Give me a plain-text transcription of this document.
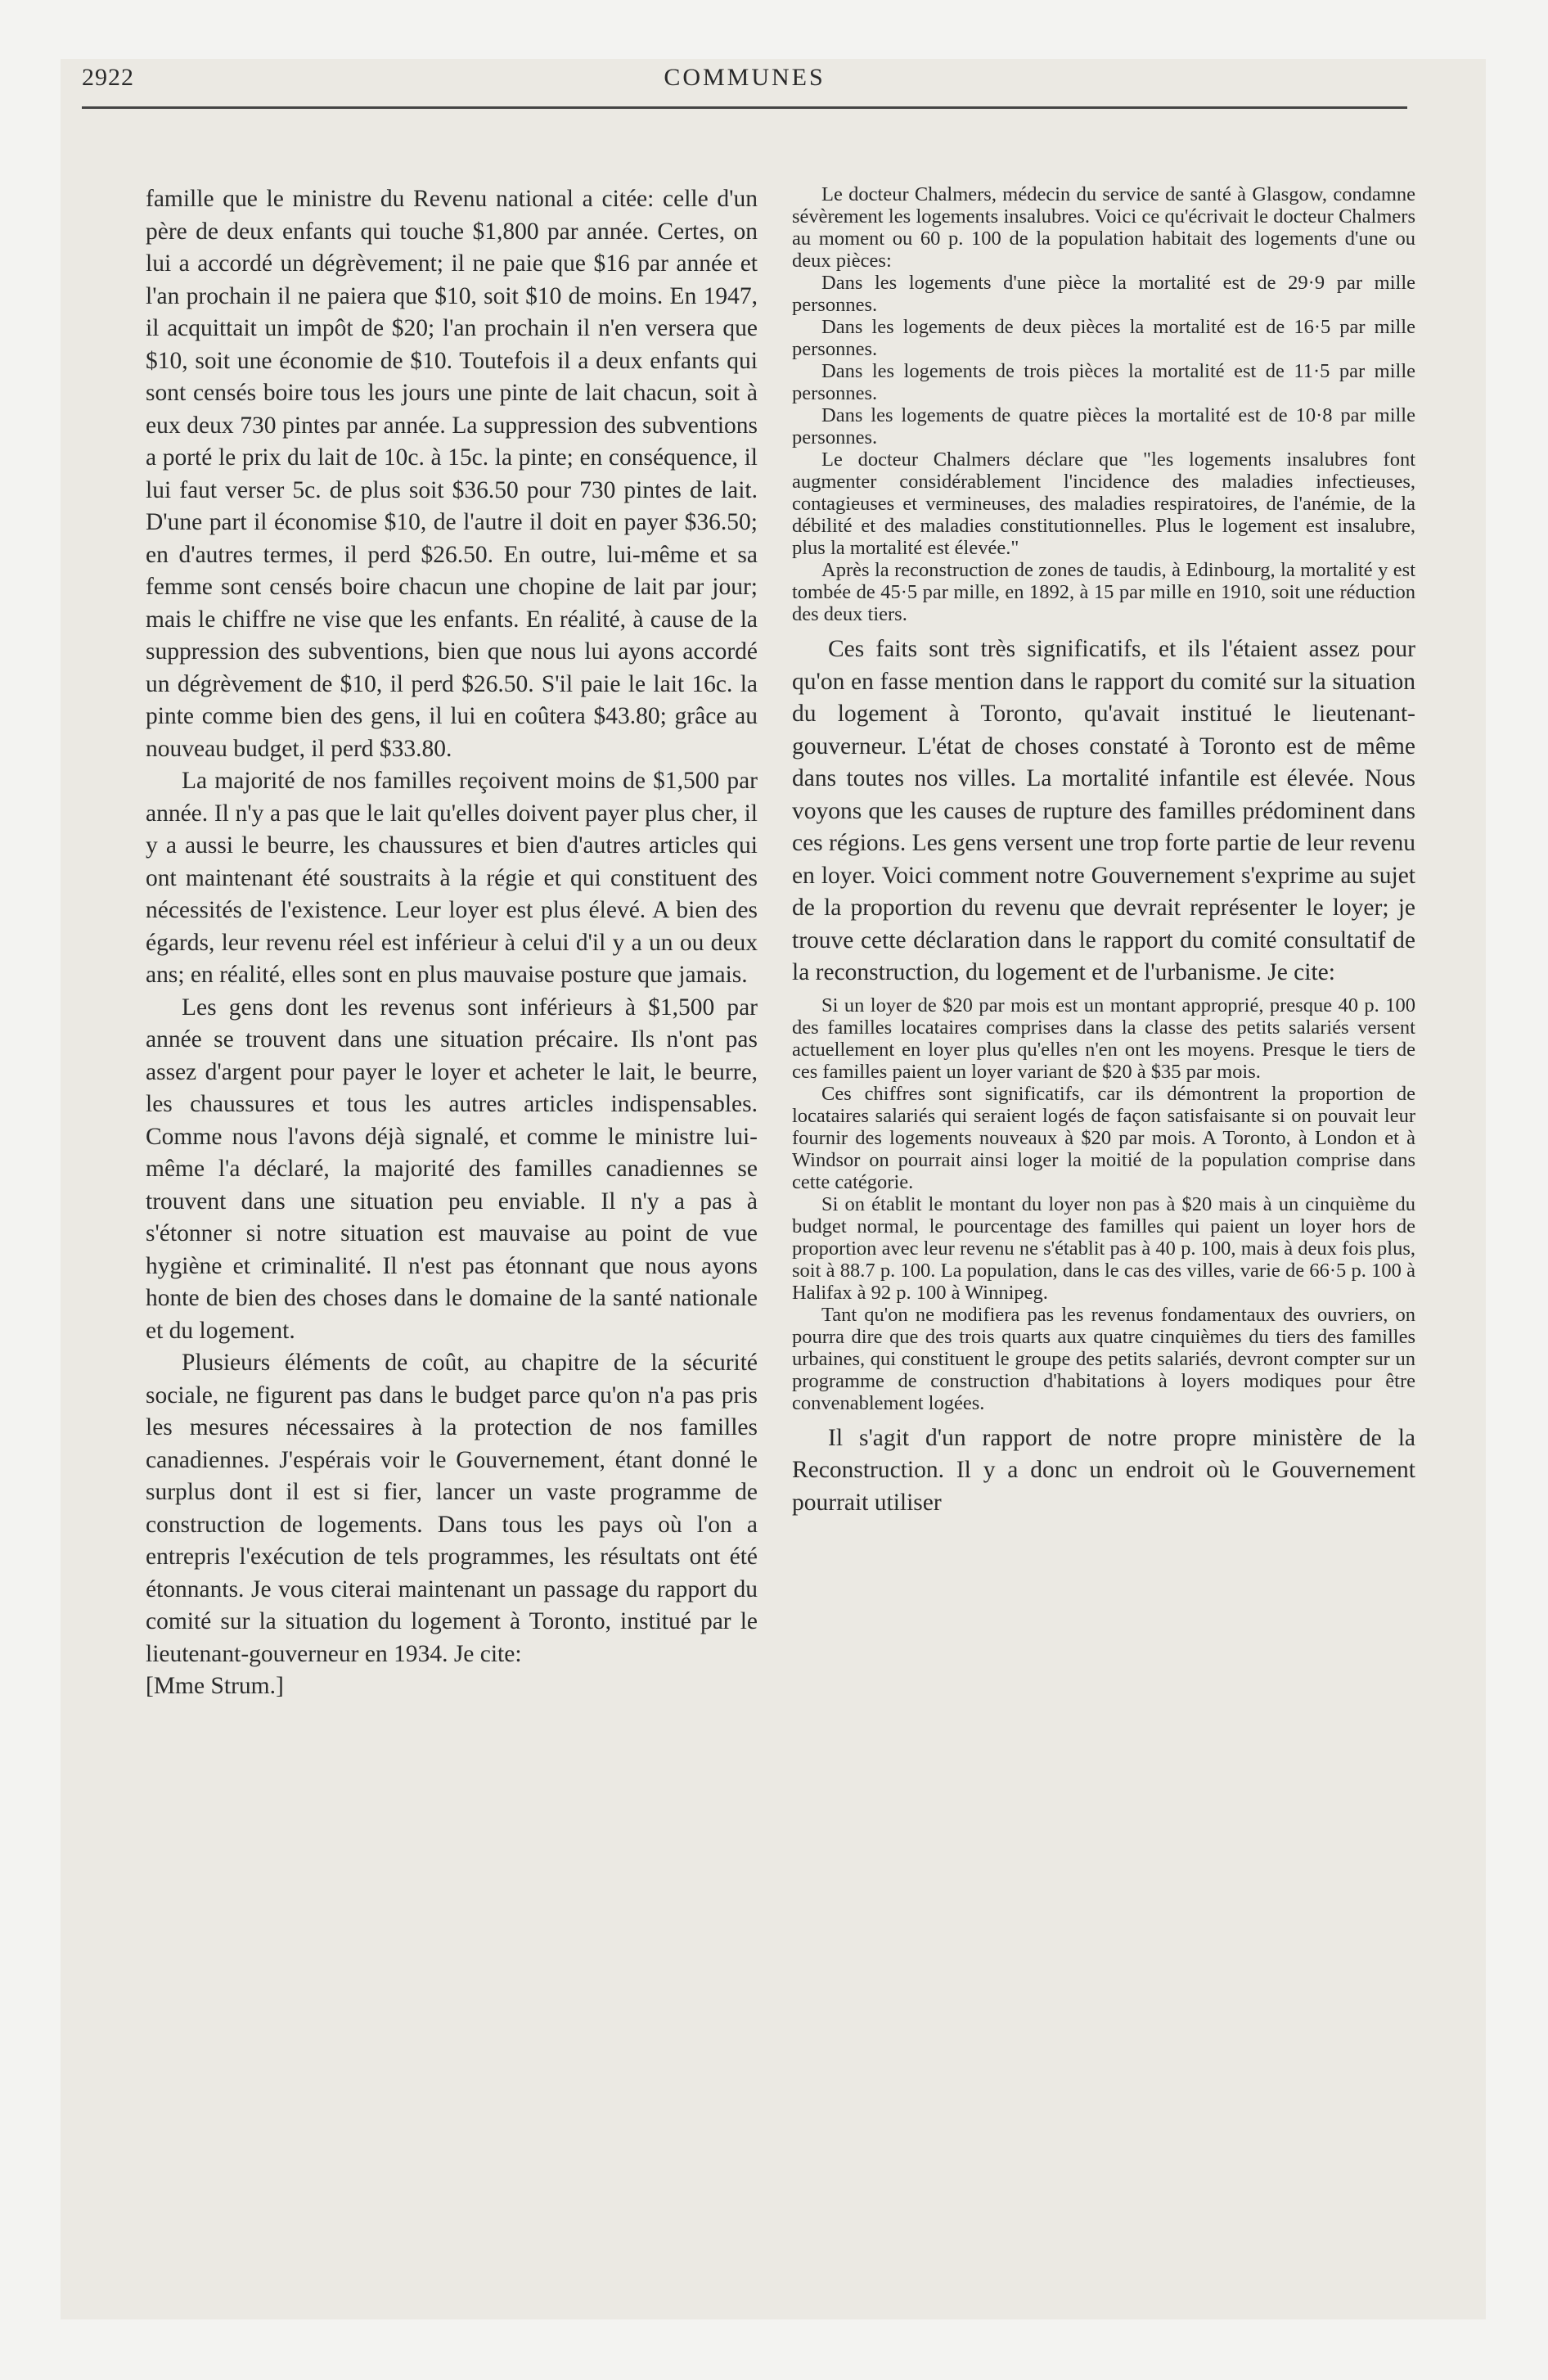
2922	COMMUNES

famille que le ministre du Revenu national a citée: celle d'un père de deux enfants qui touche $1,800 par année. Certes, on lui a accordé un dégrèvement; il ne paie que $16 par année et l'an prochain il ne paiera que $10, soit $10 de moins. En 1947, il acquittait un impôt de $20; l'an prochain il n'en versera que $10, soit une économie de $10. Toutefois il a deux enfants qui sont censés boire tous les jours une pinte de lait chacun, soit à eux deux 730 pintes par année. La suppression des subventions a porté le prix du lait de 10c. à 15c. la pinte; en conséquence, il lui faut verser 5c. de plus soit $36.50 pour 730 pintes de lait. D'une part il économise $10, de l'autre il doit en payer $36.50; en d'autres termes, il perd $26.50. En outre, lui-même et sa femme sont censés boire chacun une chopine de lait par jour; mais le chiffre ne vise que les enfants. En réalité, à cause de la suppression des subventions, bien que nous lui ayons accordé un dégrèvement de $10, il perd $26.50. S'il paie le lait 16c. la pinte comme bien des gens, il lui en coûtera $43.80; grâce au nouveau budget, il perd $33.80.

La majorité de nos familles reçoivent moins de $1,500 par année. Il n'y a pas que le lait qu'elles doivent payer plus cher, il y a aussi le beurre, les chaussures et bien d'autres articles qui ont maintenant été soustraits à la régie et qui constituent des nécessités de l'existence. Leur loyer est plus élevé. A bien des égards, leur revenu réel est inférieur à celui d'il y a un ou deux ans; en réalité, elles sont en plus mauvaise posture que jamais.

Les gens dont les revenus sont inférieurs à $1,500 par année se trouvent dans une situation précaire. Ils n'ont pas assez d'argent pour payer le loyer et acheter le lait, le beurre, les chaussures et tous les autres articles indispensables. Comme nous l'avons déjà signalé, et comme le ministre lui-même l'a déclaré, la majorité des familles canadiennes se trouvent dans une situation peu enviable. Il n'y a pas à s'étonner si notre situation est mauvaise au point de vue hygiène et criminalité. Il n'est pas étonnant que nous ayons honte de bien des choses dans le domaine de la santé nationale et du logement.

Plusieurs éléments de coût, au chapitre de la sécurité sociale, ne figurent pas dans le budget parce qu'on n'a pas pris les mesures nécessaires à la protection de nos familles canadiennes. J'espérais voir le Gouvernement, étant donné le surplus dont il est si fier, lancer un vaste programme de construction de logements. Dans tous les pays où l'on a entrepris l'exécution de tels programmes, les résultats ont été étonnants. Je vous citerai maintenant un passage du rapport du comité sur la situation du logement à Toronto, institué par le lieutenant-gouverneur en 1934. Je cite:

[Mme Strum.]

Le docteur Chalmers, médecin du service de santé à Glasgow, condamne sévèrement les logements insalubres. Voici ce qu'écrivait le docteur Chalmers au moment ou 60 p. 100 de la population habitait des logements d'une ou deux pièces:

Dans les logements d'une pièce la mortalité est de 29·9 par mille personnes.

Dans les logements de deux pièces la mortalité est de 16·5 par mille personnes.

Dans les logements de trois pièces la mortalité est de 11·5 par mille personnes.

Dans les logements de quatre pièces la mortalité est de 10·8 par mille personnes.

Le docteur Chalmers déclare que "les logements insalubres font augmenter considérablement l'incidence des maladies infectieuses, contagieuses et vermineuses, des maladies respiratoires, de l'anémie, de la débilité et des maladies constitutionnelles. Plus le logement est insalubre, plus la mortalité est élevée."

Après la reconstruction de zones de taudis, à Edinbourg, la mortalité y est tombée de 45·5 par mille, en 1892, à 15 par mille en 1910, soit une réduction des deux tiers.

Ces faits sont très significatifs, et ils l'étaient assez pour qu'on en fasse mention dans le rapport du comité sur la situation du logement à Toronto, qu'avait institué le lieutenant-gouverneur. L'état de choses constaté à Toronto est de même dans toutes nos villes. La mortalité infantile est élevée. Nous voyons que les causes de rupture des familles prédominent dans ces régions. Les gens versent une trop forte partie de leur revenu en loyer. Voici comment notre Gouvernement s'exprime au sujet de la proportion du revenu que devrait représenter le loyer; je trouve cette déclaration dans le rapport du comité consultatif de la reconstruction, du logement et de l'urbanisme. Je cite:

Si un loyer de $20 par mois est un montant approprié, presque 40 p. 100 des familles locataires comprises dans la classe des petits salariés versent actuellement en loyer plus qu'elles n'en ont les moyens. Presque le tiers de ces familles paient un loyer variant de $20 à $35 par mois.

Ces chiffres sont significatifs, car ils démontrent la proportion de locataires salariés qui seraient logés de façon satisfaisante si on pouvait leur fournir des logements nouveaux à $20 par mois. A Toronto, à London et à Windsor on pourrait ainsi loger la moitié de la population comprise dans cette catégorie.

Si on établit le montant du loyer non pas à $20 mais à un cinquième du budget normal, le pourcentage des familles qui paient un loyer hors de proportion avec leur revenu ne s'établit pas à 40 p. 100, mais à deux fois plus, soit à 88.7 p. 100. La population, dans le cas des villes, varie de 66·5 p. 100 à Halifax à 92 p. 100 à Winnipeg.

Tant qu'on ne modifiera pas les revenus fondamentaux des ouvriers, on pourra dire que des trois quarts aux quatre cinquièmes du tiers des familles urbaines, qui constituent le groupe des petits salariés, devront compter sur un programme de construction d'habitations à loyers modiques pour être convenablement logées.

Il s'agit d'un rapport de notre propre ministère de la Reconstruction. Il y a donc un endroit où le Gouvernement pourrait utiliser
